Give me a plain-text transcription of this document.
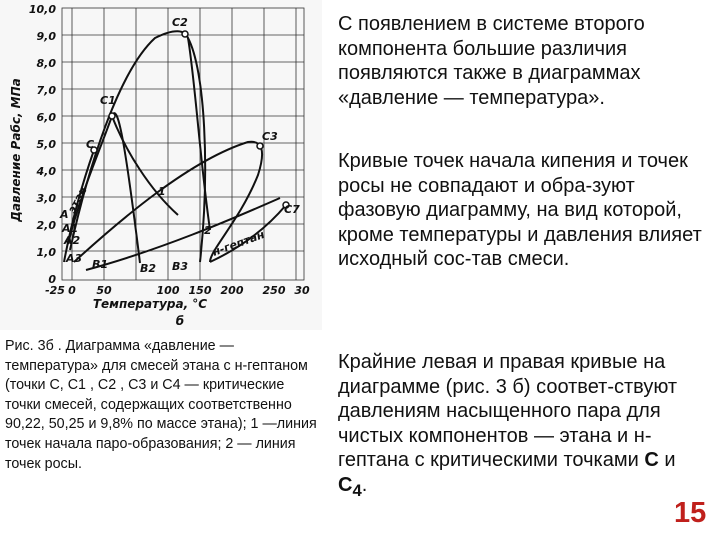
C
C1
C2
C3
C7
A
A1
A2
A3 B1	B2 B3
1
2
этан
н-гептан
10,0
9,0
8,0
7,0
6,0
5,0
4,0
3,0
2,0
1,0
0
-25 0 50	100 150 200 250 30
Температура, °С
б
Давление Рабс, МПа
Рис. 3б . Диаграмма «давление — температура» для смесей этана с н-гептаном (точки С, С1 , С2 , С3 и С4 — критические точки смесей, содержащих соответственно 90,22, 50,25 и 9,8% по массе этана); 1 —линия точек начала паро-образования; 2 — линия точек росы.
С появлением в системе второго компонента большие различия появляются также в диаграммах «давление — температура».
Кривые точек начала кипения и точек росы не совпадают и обра-зуют фазовую диаграмму, на вид которой, кроме температуры и давления влияет исходный сос-тав смеси.
Крайние левая и правая кривые на диаграмме (рис. 3 б) соответ-ствуют давлениям насыщенного пара для чистых компонентов — этана и н-гептана с критическими точками С и $С_4$.
15
